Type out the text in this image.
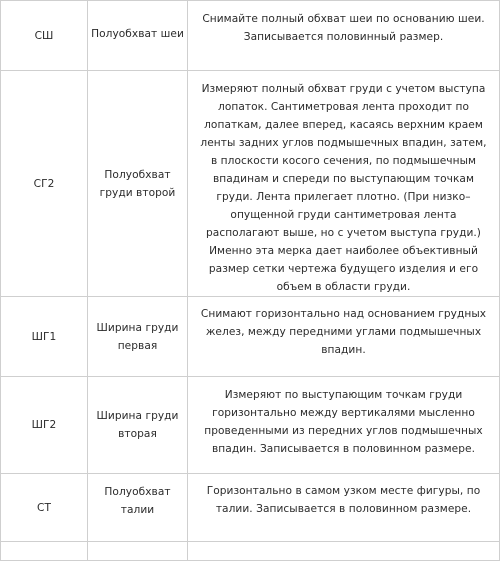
СШ	Полуобхват шеи	Снимайте полный обхват шеи по основанию шеи. Записывается половинный размер.
СГ2	Полуобхват груди второй	Измеряют полный обхват груди с учетом выступа лопаток. Сантиметровая лента проходит по лопаткам, далее вперед, касаясь верхним краем ленты задних углов подмышечных впадин, затем, в плоскости косого сечения, по подмышечным впадинам и спереди по выступающим точкам груди. Лента прилегает плотно. (При низко–опущенной груди сантиметровая лента располагают выше, но с учетом выступа груди.) Именно эта мерка дает наиболее объективный размер сетки чертежа будущего изделия и его объем в области груди.
ШГ1	Ширина груди первая	Снимают горизонтально над основанием грудных желез, между передними углами подмышечных впадин.
ШГ2	Ширина груди вторая	Измеряют по выступающим точкам груди горизонтально между вертикалями мысленно проведенными из передних углов подмышечных впадин. Записывается в половинном размере.
СТ	Полуобхват талии	Горизонтально в самом узком месте фигуры, по талии. Записывается в половинном размере.
